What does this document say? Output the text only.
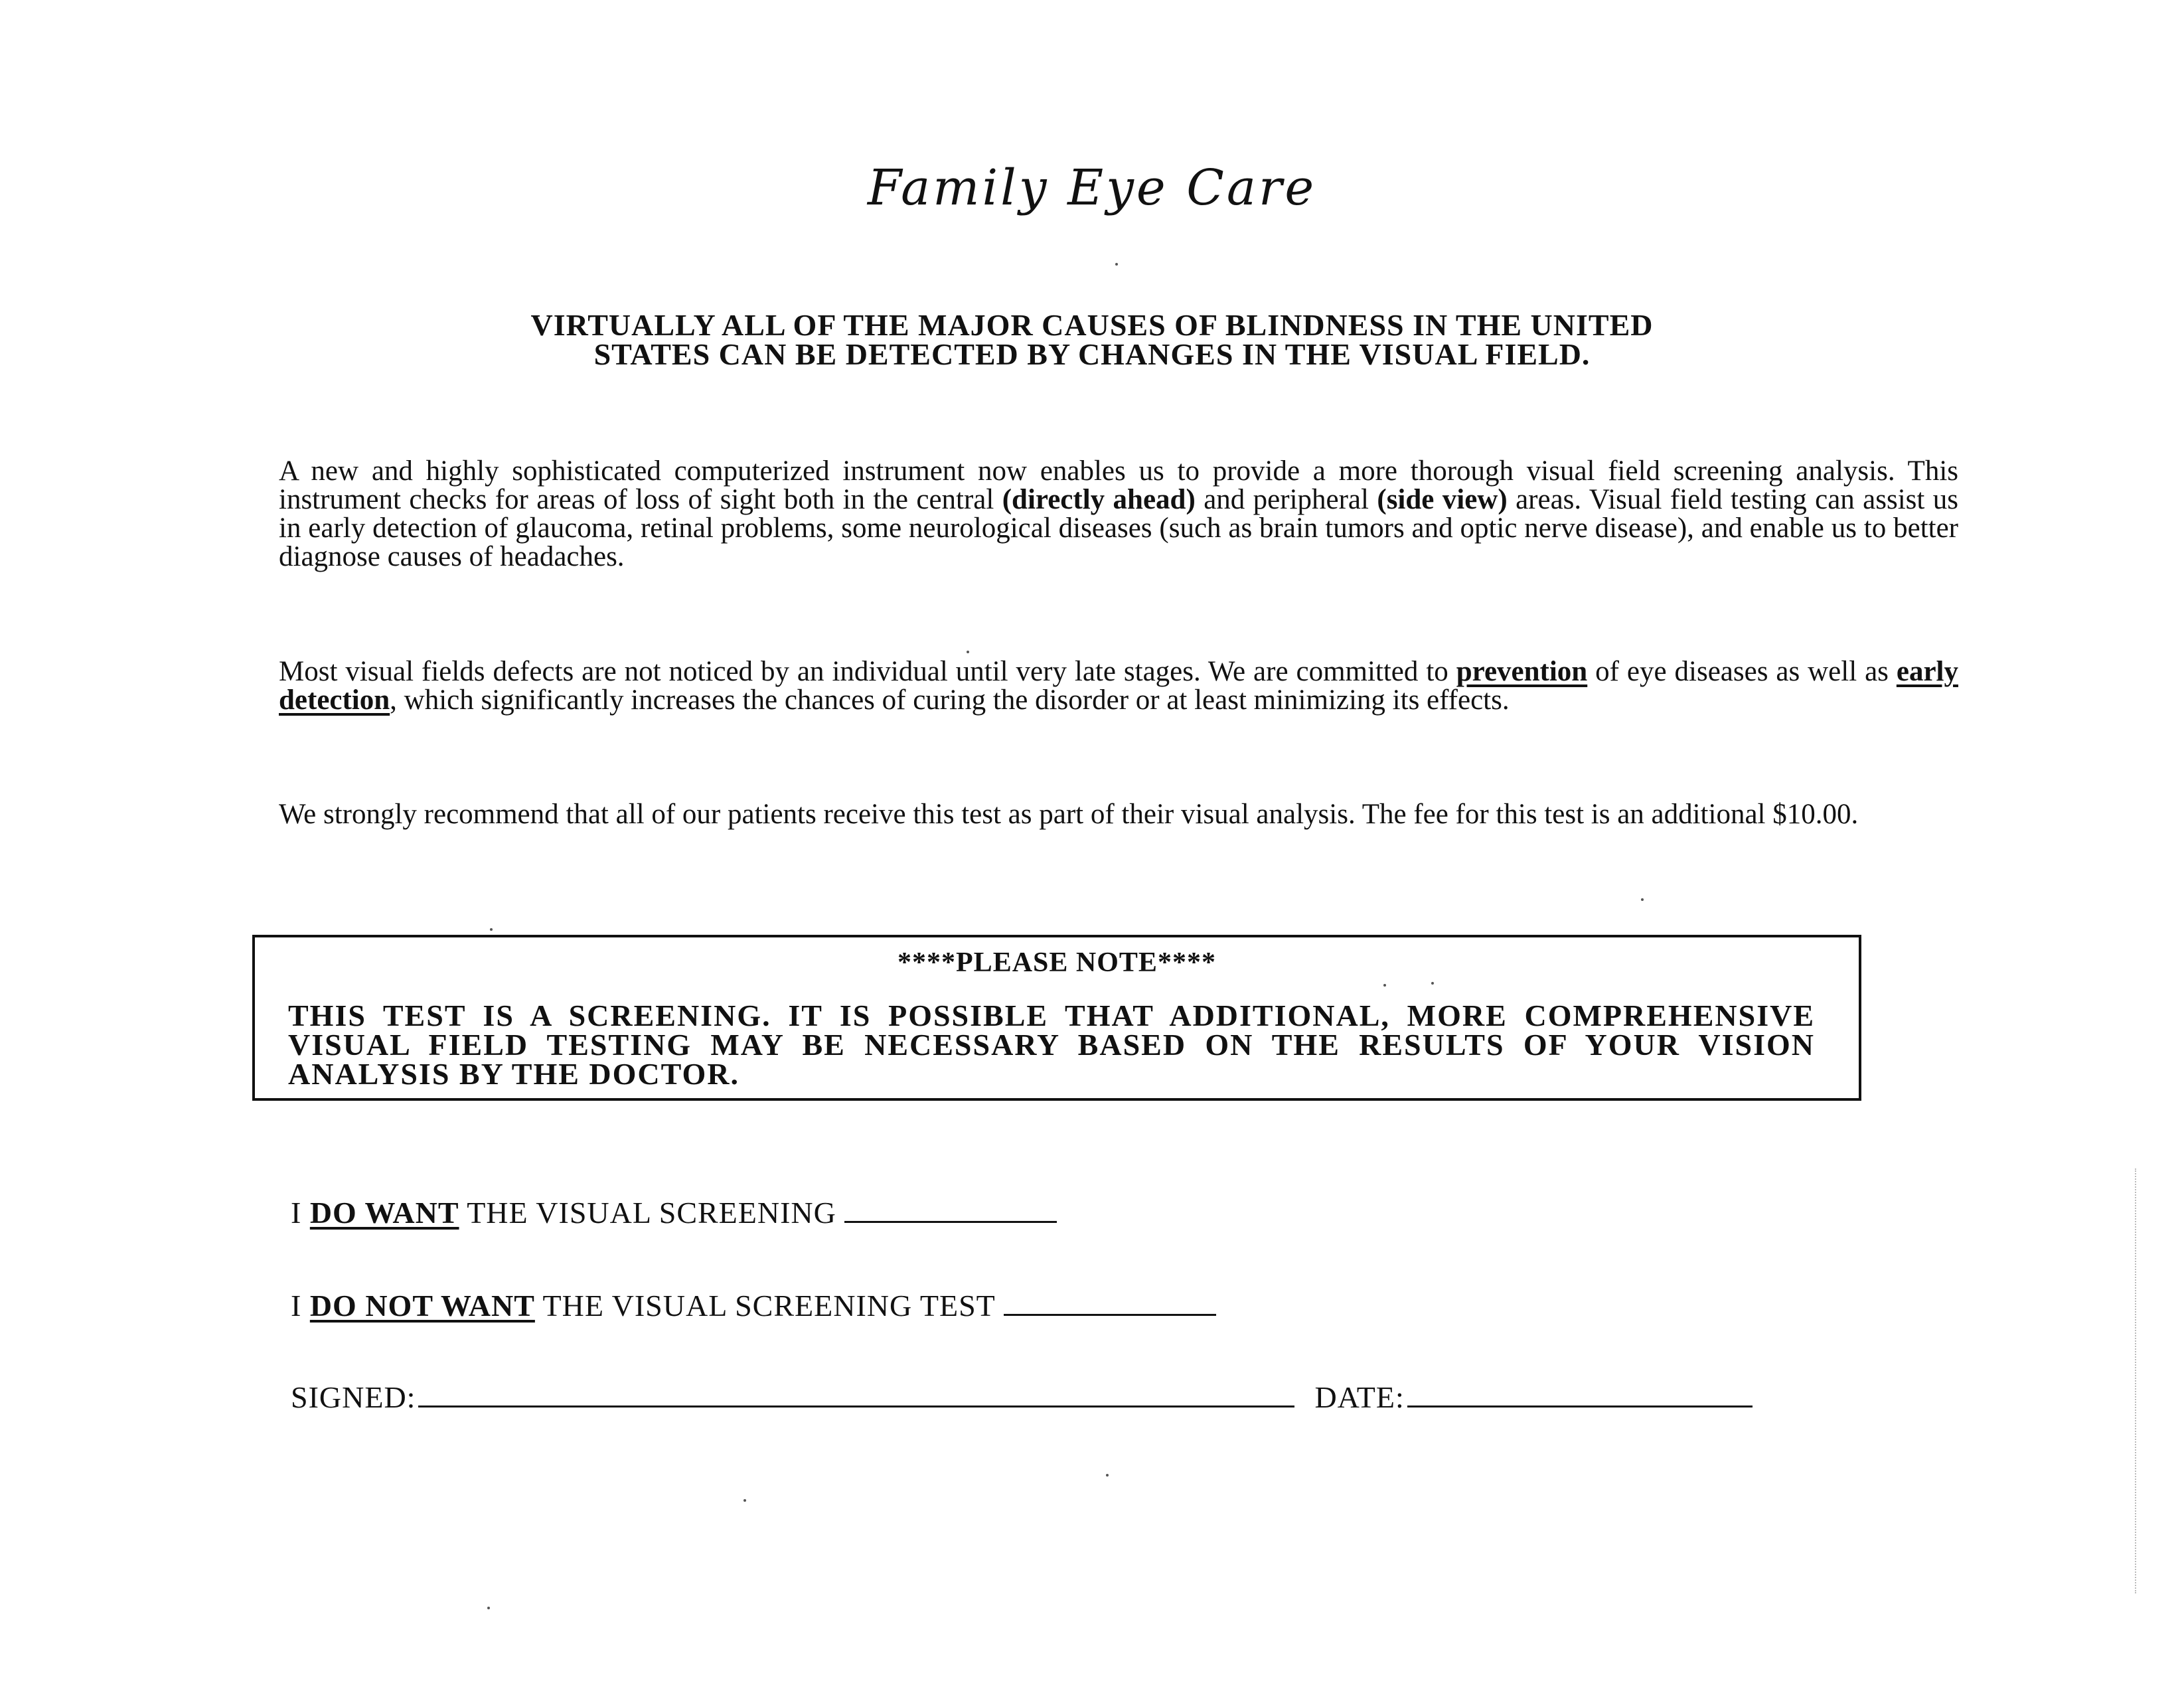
Family Eye Care
VIRTUALLY ALL OF THE MAJOR CAUSES OF BLINDNESS IN THE UNITED
STATES CAN BE DETECTED BY CHANGES IN THE VISUAL FIELD.
A new and highly sophisticated computerized instrument now enables us to provide a more thorough visual field screening analysis. This instrument checks for areas of loss of sight both in the central (directly ahead) and peripheral (side view) areas. Visual field testing can assist us in early detection of glaucoma, retinal problems, some neurological diseases (such as brain tumors and optic nerve disease), and enable us to better diagnose causes of headaches.
Most visual fields defects are not noticed by an individual until very late stages. We are committed to prevention of eye diseases as well as early detection, which significantly increases the chances of curing the disorder or at least minimizing its effects.
We strongly recommend that all of our patients receive this test as part of their visual analysis. The fee for this test is an additional $10.00.
****PLEASE NOTE****
THIS TEST IS A SCREENING. IT IS POSSIBLE THAT ADDITIONAL, MORE COMPREHENSIVE VISUAL FIELD TESTING MAY BE NECESSARY BASED ON THE RESULTS OF YOUR VISION ANALYSIS BY THE DOCTOR.
I DO WANT THE VISUAL SCREENING
I DO NOT WANT THE VISUAL SCREENING TEST
SIGNED:	DATE:
